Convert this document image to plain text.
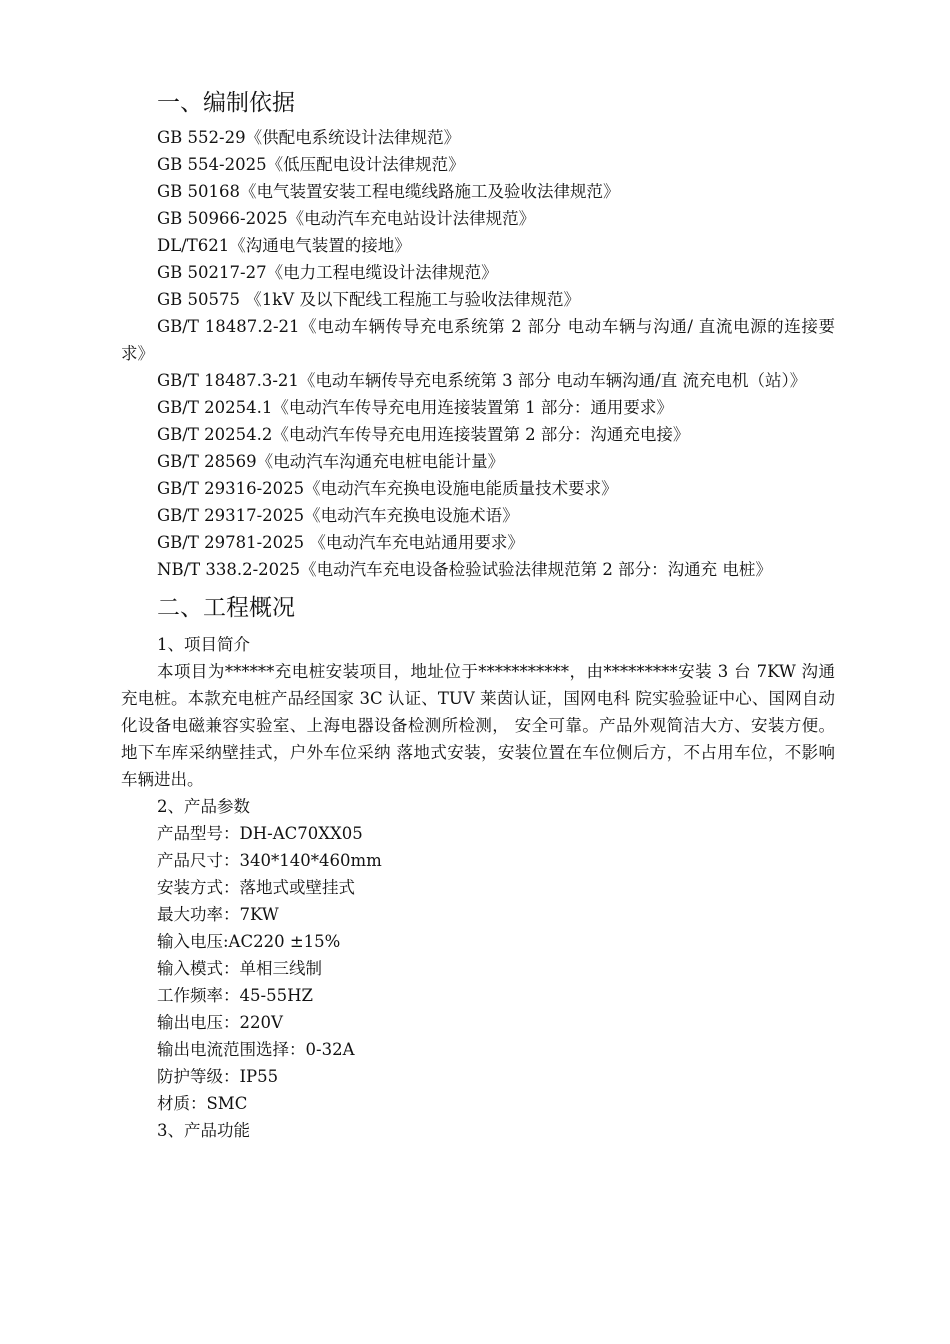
一、编制依据
GB 552-29《供配电系统设计法律规范》
GB 554-2025《低压配电设计法律规范》
GB 50168《电气装置安装工程电缆线路施工及验收法律规范》
GB 50966-2025《电动汽车充电站设计法律规范》
DL/T621《沟通电气装置的接地》
GB 50217-27《电力工程电缆设计法律规范》
GB 50575 《1kV 及以下配线工程施工与验收法律规范》
GB/T 18487.2-21《电动车辆传导充电系统第 2 部分 电动车辆与沟通/ 直流电源的连接要求》
GB/T 18487.3-21《电动车辆传导充电系统第 3 部分 电动车辆沟通/直 流充电机（站）》
GB/T 20254.1《电动汽车传导充电用连接装置第 1 部分：通用要求》
GB/T 20254.2《电动汽车传导充电用连接装置第 2 部分：沟通充电接》
GB/T 28569《电动汽车沟通充电桩电能计量》
GB/T 29316-2025《电动汽车充换电设施电能质量技术要求》
GB/T 29317-2025《电动汽车充换电设施术语》
GB/T 29781-2025 《电动汽车充电站通用要求》
NB/T 338.2-2025《电动汽车充电设备检验试验法律规范第 2 部分：沟通充 电桩》
二、工程概况
1、项目简介
本项目为******充电桩安装项目，地址位于***********，由*********安装 3 台 7KW 沟通充电桩。本款充电桩产品经国家 3C 认证、TUV 莱茵认证，国网电科 院实验验证中心、国网自动化设备电磁兼容实验室、上海电器设备检测所检测， 安全可靠。产品外观简洁大方、安装方便。地下车库采纳壁挂式，户外车位采纳 落地式安装，安装位置在车位侧后方，不占用车位，不影响车辆进出。
2、产品参数
产品型号：DH-AC70XX05
产品尺寸：340*140*460mm
安装方式：落地式或壁挂式
最大功率：7KW
输入电压:AC220 ±15%
输入模式：单相三线制
工作频率：45-55HZ
输出电压：220V
输出电流范围选择：0-32A
防护等级：IP55
材质：SMC
3、产品功能
